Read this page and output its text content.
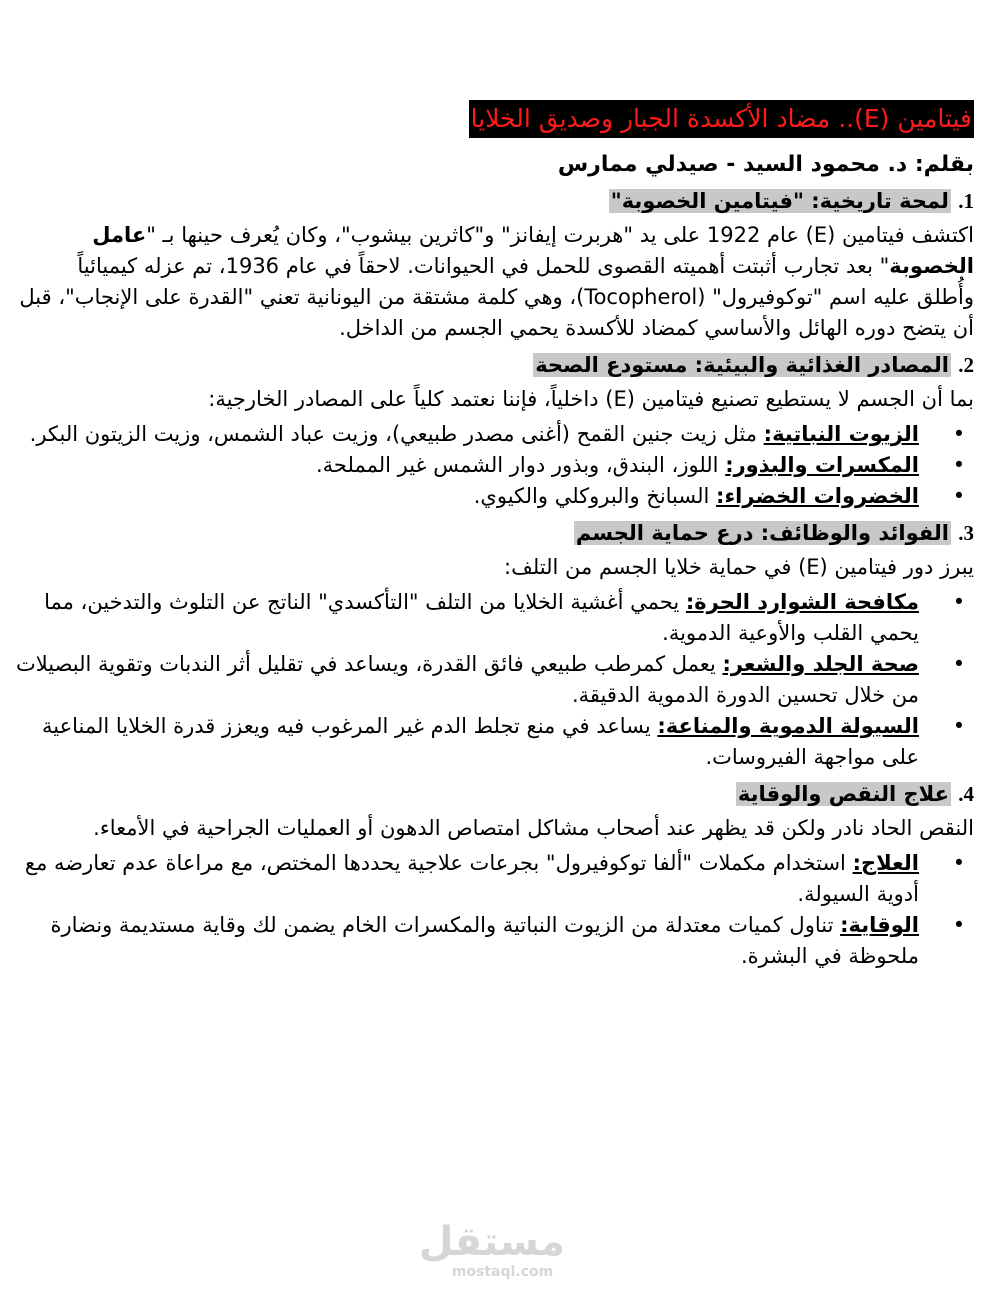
فيتامين (E).. مضاد الأكسدة الجبار وصديق الخلايا
بقلم: د. محمود السيد - صيدلي ممارس
1. لمحة تاريخية: "فيتامين الخصوبة"
اكتشف فيتامين (E) عام 1922 على يد "هربرت إيفانز" و"كاثرين بيشوب"، وكان يُعرف حينها بـ "عامل الخصوبة" بعد تجارب أثبتت أهميته القصوى للحمل في الحيوانات. لاحقاً في عام 1936، تم عزله كيميائياً وأُطلق عليه اسم "توكوفيرول" (Tocopherol)، وهي كلمة مشتقة من اليونانية تعني "القدرة على الإنجاب"، قبل أن يتضح دوره الهائل والأساسي كمضاد للأكسدة يحمي الجسم من الداخل.
2. المصادر الغذائية والبيئية: مستودع الصحة
بما أن الجسم لا يستطيع تصنيع فيتامين (E) داخلياً، فإننا نعتمد كلياً على المصادر الخارجية:
•
الزيوت النباتية: مثل زيت جنين القمح (أغنى مصدر طبيعي)، وزيت عباد الشمس، وزيت الزيتون البكر.
•
المكسرات والبذور: اللوز، البندق، وبذور دوار الشمس غير المملحة.
•
الخضروات الخضراء: السبانخ والبروكلي والكيوي.
3. الفوائد والوظائف: درع حماية الجسم
يبرز دور فيتامين (E) في حماية خلايا الجسم من التلف:
•
مكافحة الشوارد الحرة: يحمي أغشية الخلايا من التلف "التأكسدي" الناتج عن التلوث والتدخين، مما يحمي القلب والأوعية الدموية.
•
صحة الجلد والشعر: يعمل كمرطب طبيعي فائق القدرة، ويساعد في تقليل أثر الندبات وتقوية البصيلات من خلال تحسين الدورة الدموية الدقيقة.
•
السيولة الدموية والمناعة: يساعد في منع تجلط الدم غير المرغوب فيه ويعزز قدرة الخلايا المناعية على مواجهة الفيروسات.
4. علاج النقص والوقاية
النقص الحاد نادر ولكن قد يظهر عند أصحاب مشاكل امتصاص الدهون أو العمليات الجراحية في الأمعاء.
•
العلاج: استخدام مكملات "ألفا توكوفيرول" بجرعات علاجية يحددها المختص، مع مراعاة عدم تعارضه مع أدوية السيولة.
•
الوقاية: تناول كميات معتدلة من الزيوت النباتية والمكسرات الخام يضمن لك وقاية مستديمة ونضارة ملحوظة في البشرة.
مستقل
mostaql.com
